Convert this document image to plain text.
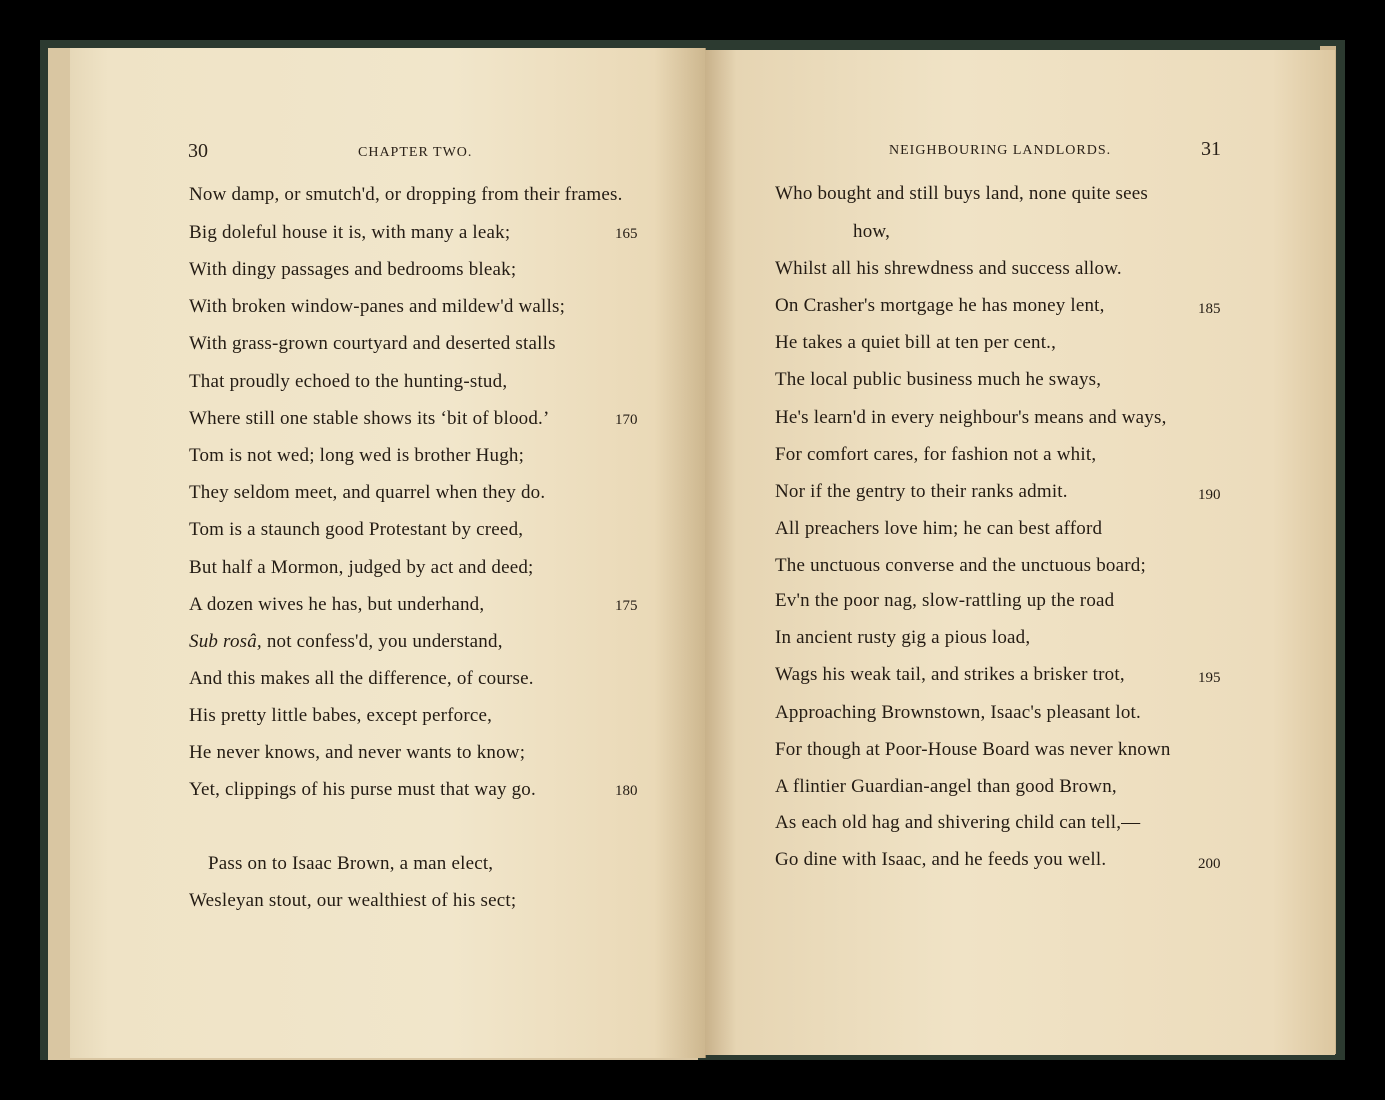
30	CHAPTER TWO.
Now damp, or smutch'd, or dropping from their frames.
Big doleful house it is, with many a leak;
With dingy passages and bedrooms bleak;
With broken window-panes and mildew'd walls;
With grass-grown courtyard and deserted stalls
That proudly echoed to the hunting-stud,
Where still one stable shows its ‘bit of blood.’
Tom is not wed; long wed is brother Hugh;
They seldom meet, and quarrel when they do.
Tom is a staunch good Protestant by creed,
But half a Mormon, judged by act and deed;
A dozen wives he has, but underhand,
Sub rosâ, not confess'd, you understand,
And this makes all the difference, of course.
His pretty little babes, except perforce,
He never knows, and never wants to know;
Yet, clippings of his purse must that way go.
Pass on to Isaac Brown, a man elect,
Wesleyan stout, our wealthiest of his sect;
165
170
175
180
NEIGHBOURING LANDLORDS.	31
Who bought and still buys land, none quite sees
how,
Whilst all his shrewdness and success allow.
On Crasher's mortgage he has money lent,
He takes a quiet bill at ten per cent.,
The local public business much he sways,
He's learn'd in every neighbour's means and ways,
For comfort cares, for fashion not a whit,
Nor if the gentry to their ranks admit.
All preachers love him; he can best afford
The unctuous converse and the unctuous board;
Ev'n the poor nag, slow-rattling up the road
In ancient rusty gig a pious load,
Wags his weak tail, and strikes a brisker trot,
Approaching Brownstown, Isaac's pleasant lot.
For though at Poor-House Board was never known
A flintier Guardian-angel than good Brown,
As each old hag and shivering child can tell,—
Go dine with Isaac, and he feeds you well.
185
190
195
200
